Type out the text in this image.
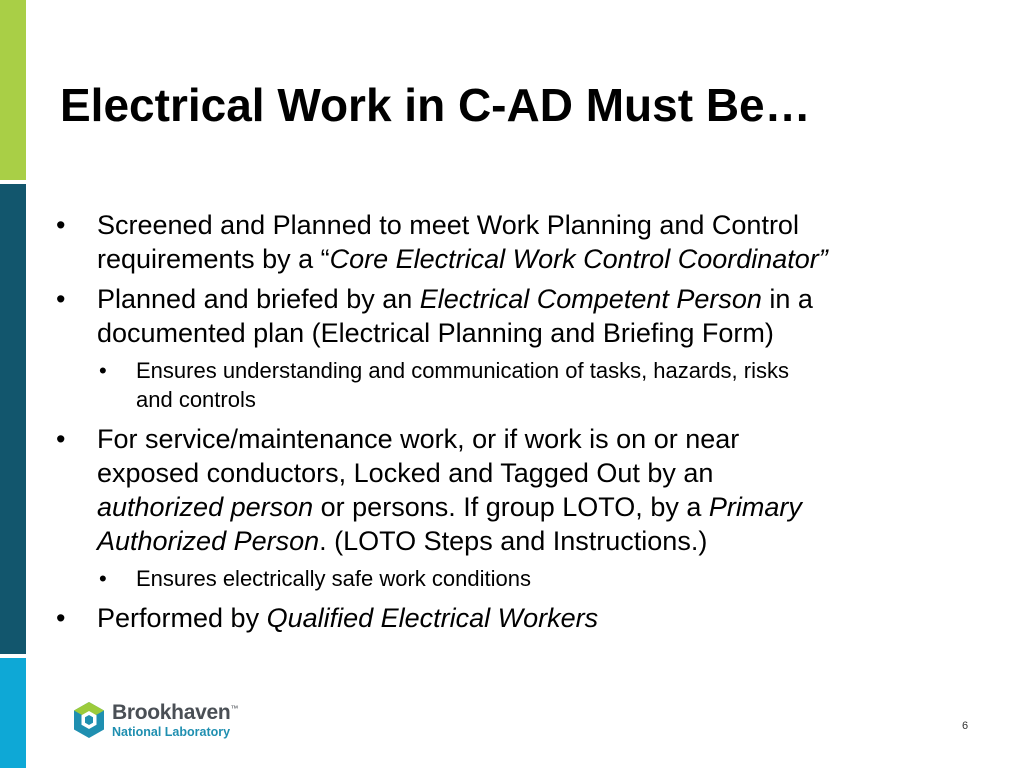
Electrical Work in C-AD Must Be…
• Screened and Planned to meet Work Planning and Control
requirements by a “Core Electrical Work Control Coordinator”
• Planned and briefed by an Electrical Competent Person in a
documented plan (Electrical Planning and Briefing Form)
• Ensures understanding and communication of tasks, hazards, risks
and controls
• For service/maintenance work, or if work is on or near
exposed conductors, Locked and Tagged Out by an
authorized person or persons. If group LOTO, by a Primary
Authorized Person. (LOTO Steps and Instructions.)
• Ensures electrically safe work conditions
• Performed by Qualified Electrical Workers
Brookhaven™
National Laboratory	6
